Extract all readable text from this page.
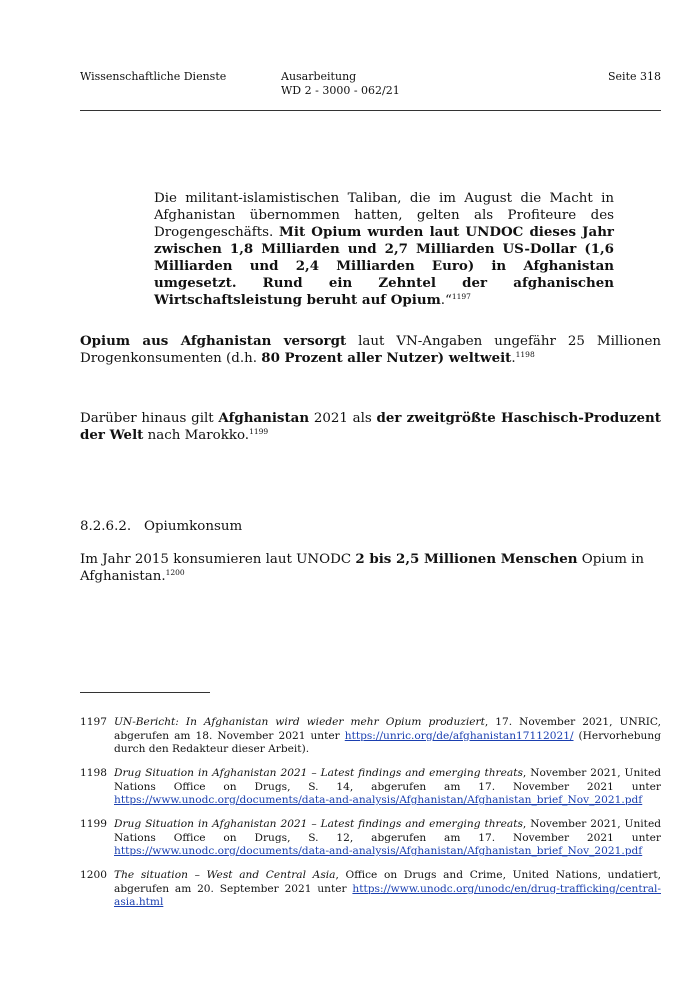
Wissenschaftliche Dienste	Ausarbeitung
WD 2 - 3000 - 062/21
Seite 318
Die militant-islamistischen Taliban, die im August die Macht in Afghanistan übernommen hatten, gelten als Profiteure des Drogengeschäfts. Mit Opium wurden laut UNDOC dieses Jahr zwischen 1,8 Milliarden und 2,7 Milliarden US-Dollar (1,6 Milliarden und 2,4 Milliarden Euro) in Afghanistan umgesetzt. Rund ein Zehntel der afghanischen Wirtschaftsleistung beruht auf Opium.“$^{1197}$
Opium aus Afghanistan versorgt laut VN-Angaben ungefähr 25 Millionen Drogenkonsumenten (d.h. 80 Prozent aller Nutzer) weltweit.$^{1198}$
Darüber hinaus gilt Afghanistan 2021 als der zweitgrößte Haschisch-Produzent der Welt nach Marokko.$^{1199}$
8.2.6.2. Opiumkonsum
Im Jahr 2015 konsumieren laut UNODC 2 bis 2,5 Millionen Menschen Opium in Afghanistan.$^{1200}$
1197 UN-Bericht: In Afghanistan wird wieder mehr Opium produziert, 17. November 2021, UNRIC, abgerufen am 18. November 2021 unter https://unric.org/de/afghanistan17112021/ (Hervorhebung durch den Redakteur dieser Arbeit).
1198 Drug Situation in Afghanistan 2021 – Latest findings and emerging threats, November 2021, United Nations Office on Drugs, S. 14, abgerufen am 17. November 2021 unter https://www.unodc.org/documents/data-and-analysis/Afghanistan/Afghanistan_brief_Nov_2021.pdf
1199 Drug Situation in Afghanistan 2021 – Latest findings and emerging threats, November 2021, United Nations Office on Drugs, S. 12, abgerufen am 17. November 2021 unter https://www.unodc.org/documents/data-and-analysis/Afghanistan/Afghanistan_brief_Nov_2021.pdf
1200 The situation – West and Central Asia, Office on Drugs and Crime, United Nations, undatiert, abgerufen am 20. September 2021 unter https://www.unodc.org/unodc/en/drug-trafficking/central-asia.html
